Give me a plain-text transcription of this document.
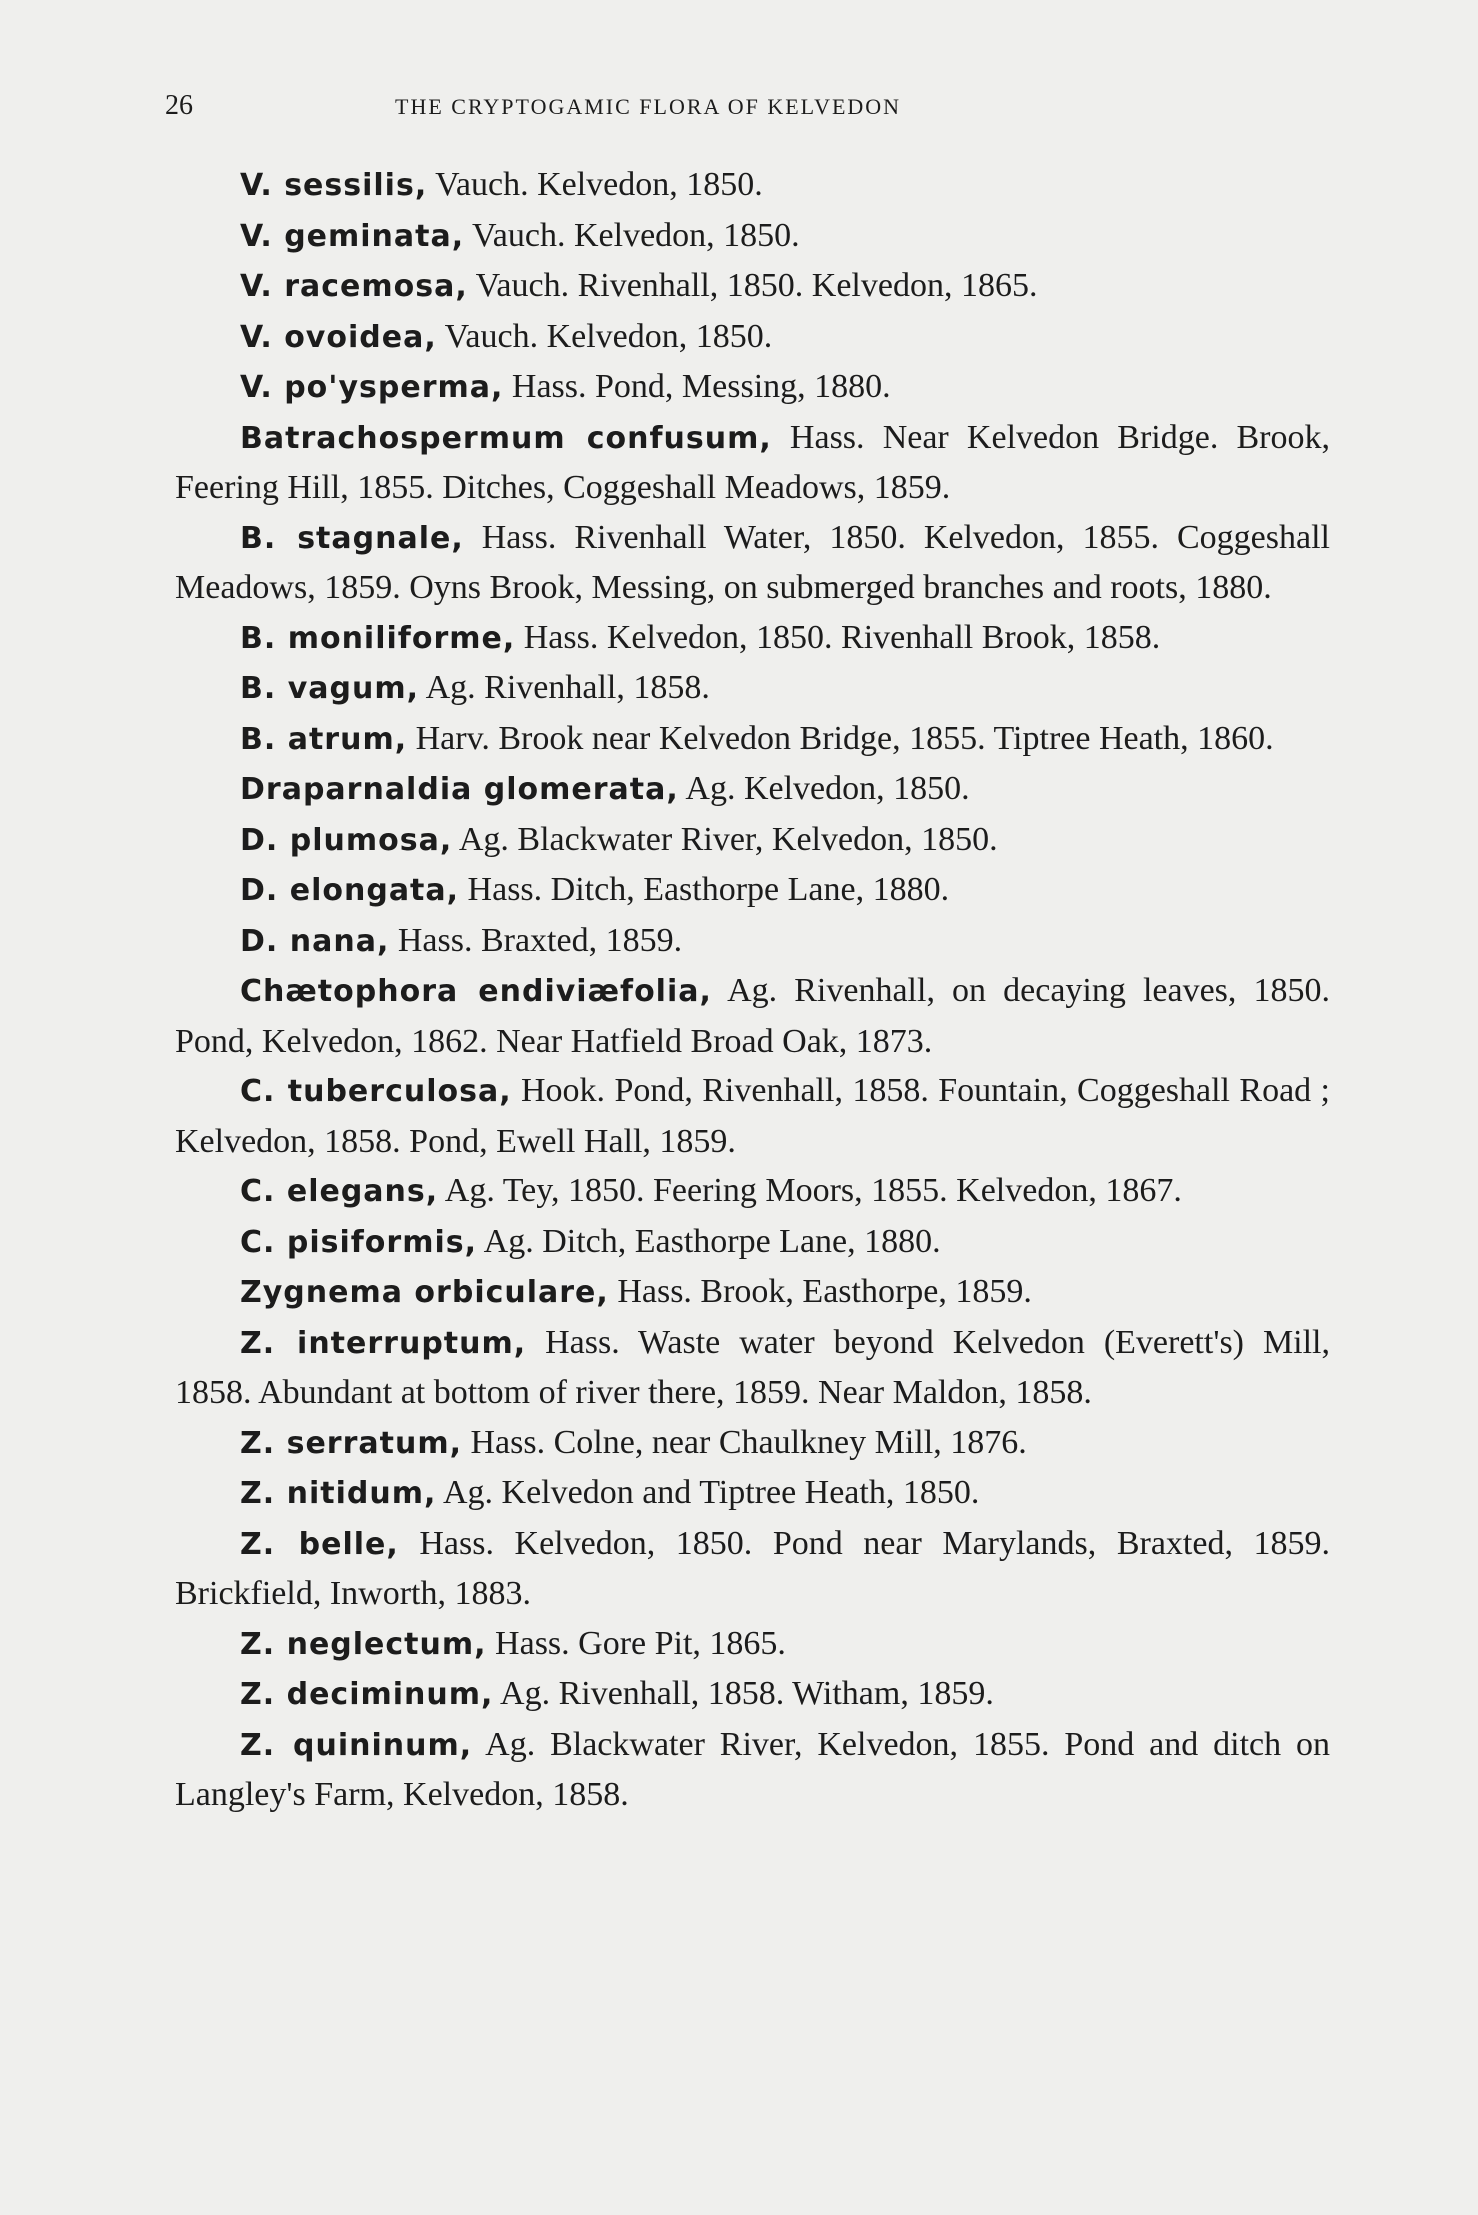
26	THE CRYPTOGAMIC FLORA OF KELVEDON

V. sessilis, Vauch. Kelvedon, 1850.

V. geminata, Vauch. Kelvedon, 1850.

V. racemosa, Vauch. Rivenhall, 1850. Kelvedon, 1865.

V. ovoidea, Vauch. Kelvedon, 1850.

V. po'ysperma, Hass. Pond, Messing, 1880.

Batrachospermum confusum, Hass. Near Kelvedon Bridge. Brook, Feering Hill, 1855. Ditches, Coggeshall Meadows, 1859.

B. stagnale, Hass. Rivenhall Water, 1850. Kelvedon, 1855. Coggeshall Meadows, 1859. Oyns Brook, Messing, on submerged branches and roots, 1880.

B. moniliforme, Hass. Kelvedon, 1850. Rivenhall Brook, 1858.

B. vagum, Ag. Rivenhall, 1858.

B. atrum, Harv. Brook near Kelvedon Bridge, 1855. Tiptree Heath, 1860.

Draparnaldia glomerata, Ag. Kelvedon, 1850.

D. plumosa, Ag. Blackwater River, Kelvedon, 1850.

D. elongata, Hass. Ditch, Easthorpe Lane, 1880.

D. nana, Hass. Braxted, 1859.

Chætophora endiviæfolia, Ag. Rivenhall, on decaying leaves, 1850. Pond, Kelvedon, 1862. Near Hatfield Broad Oak, 1873.

C. tuberculosa, Hook. Pond, Rivenhall, 1858. Fountain, Coggeshall Road ; Kelvedon, 1858. Pond, Ewell Hall, 1859.

C. elegans, Ag. Tey, 1850. Feering Moors, 1855. Kelvedon, 1867.

C. pisiformis, Ag. Ditch, Easthorpe Lane, 1880.

Zygnema orbiculare, Hass. Brook, Easthorpe, 1859.

Z. interruptum, Hass. Waste water beyond Kelvedon (Everett's) Mill, 1858. Abundant at bottom of river there, 1859. Near Maldon, 1858.

Z. serratum, Hass. Colne, near Chaulkney Mill, 1876.

Z. nitidum, Ag. Kelvedon and Tiptree Heath, 1850.

Z. belle, Hass. Kelvedon, 1850. Pond near Marylands, Braxted, 1859. Brickfield, Inworth, 1883.

Z. neglectum, Hass. Gore Pit, 1865.

Z. deciminum, Ag. Rivenhall, 1858. Witham, 1859.

Z. quininum, Ag. Blackwater River, Kelvedon, 1855. Pond and ditch on Langley's Farm, Kelvedon, 1858.
